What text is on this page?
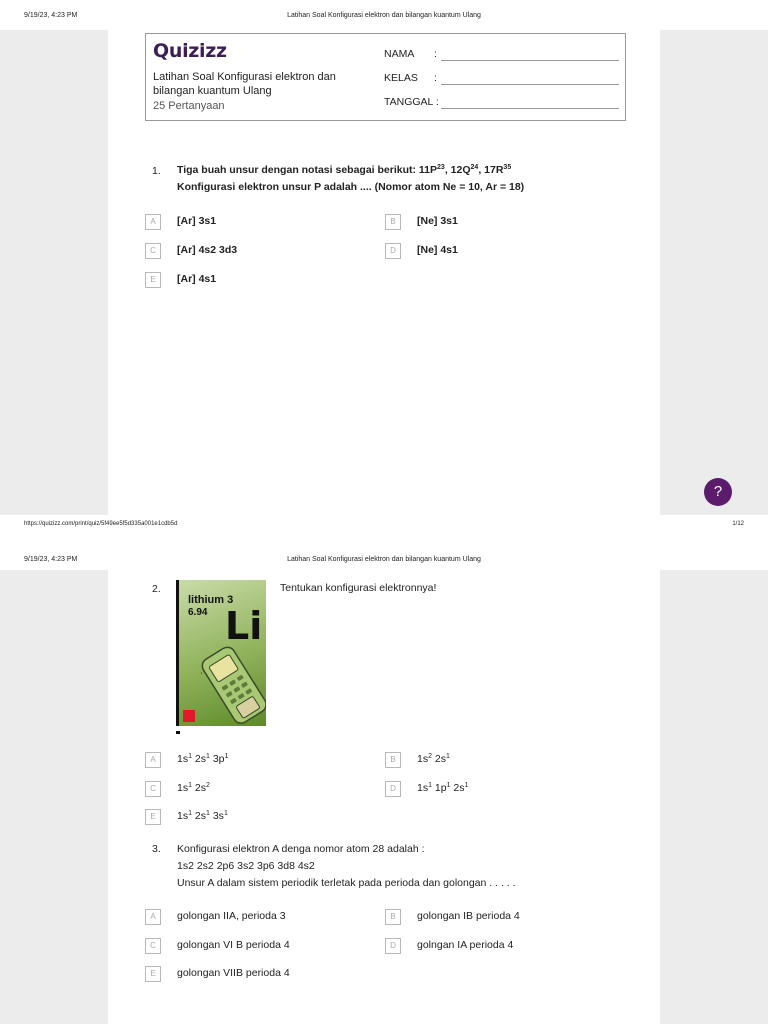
9/19/23, 4:23 PM	Latihan Soal Konfigurasi elektron dan bilangan kuantum Ulang
Quizizz
Latihan Soal Konfigurasi elektron dan bilangan kuantum Ulang
25 Pertanyaan
NAMA :
KELAS :
TANGGAL :
1. Tiga buah unsur dengan notasi sebagai berikut: $11P^{23}$, $12Q^{24}$, $17R^{35}$
Konfigurasi elektron unsur P adalah .... (Nomor atom Ne = 10, Ar = 18)
A	[Ar] 3s1	B	[Ne] 3s1
C	[Ar] 4s2 3d3	D	[Ne] 4s1
E	[Ar] 4s1
?
https://quizizz.com/print/quiz/5f49ee5f5d335a001e1cdb5d	1/12
9/19/23, 4:23 PM	Latihan Soal Konfigurasi elektron dan bilangan kuantum Ulang
2.
lithium 3
6.94 Li
Tentukan konfigurasi elektronnya!
A	$1s^1$ $2s^1$ $3p^1$	B	$1s^2$ $2s^1$
C	$1s^1$ $2s^2$	D	$1s^1$ $1p^1$ $2s^1$
E	$1s^1$ $2s^1$ $3s^1$
3. Konfigurasi elektron A denga nomor atom 28 adalah :
1s2 2s2 2p6 3s2 3p6 3d8 4s2
Unsur A dalam sistem periodik terletak pada perioda dan golongan . . . . .
A	golongan IIA, perioda 3	B	golongan IB perioda 4
C	golongan VI B perioda 4	D	golngan IA perioda 4
E	golongan VIIB perioda 4
